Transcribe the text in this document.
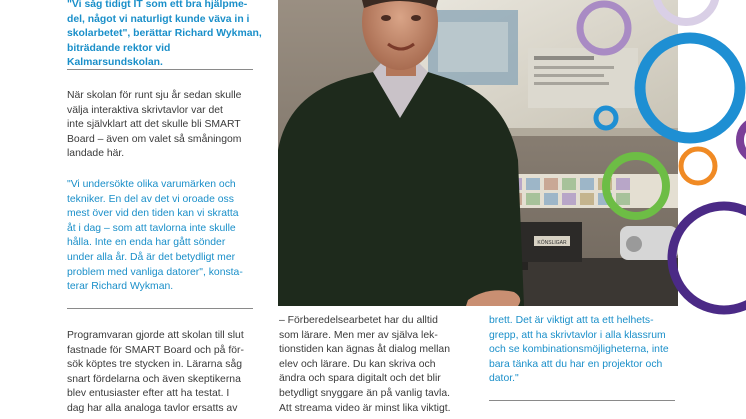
"Vi såg tidigt IT som ett bra hjälpme-

del, något vi naturligt kunde väva in i

skolarbetet", berättar Richard Wykman,

biträdande rektor vid Kalmarsundskolan.

När skolan för runt sju år sedan skulle

välja interaktiva skrivtavlor var det

inte självklart att det skulle bli SMART

Board – även om valet så småningom

landade här.

"Vi undersökte olika varumärken och

tekniker. En del av det vi oroade oss

mest över vid den tiden kan vi skratta

åt i dag – som att tavlorna inte skulle

hålla. Inte en enda har gått sönder

under alla år. Då är det betydligt mer

problem med vanliga datorer", konsta-

terar Richard Wykman.

Programvaran gjorde att skolan till slut

fastnade för SMART Board och på för-

sök köptes tre stycken in. Lärarna såg

snart fördelarna och även skeptikerna

blev entusiaster efter att ha testat. I

dag har alla analoga tavlor ersatts av

KÖNSLIGAR

– Förberedelsearbetet har du alltid

som lärare. Men mer av själva lek-

tionstiden kan ägnas åt dialog mellan

elev och lärare. Du kan skriva och

ändra och spara digitalt och det blir

betydligt snyggare än på vanlig tavla.

Att streama video är minst lika viktigt.

brett. Det är viktigt att ta ett helhets-

grepp, att ha skrivtavlor i alla klassrum

och se kombinationsmöjligheterna, inte

bara tänka att du har en projektor och

dator."
